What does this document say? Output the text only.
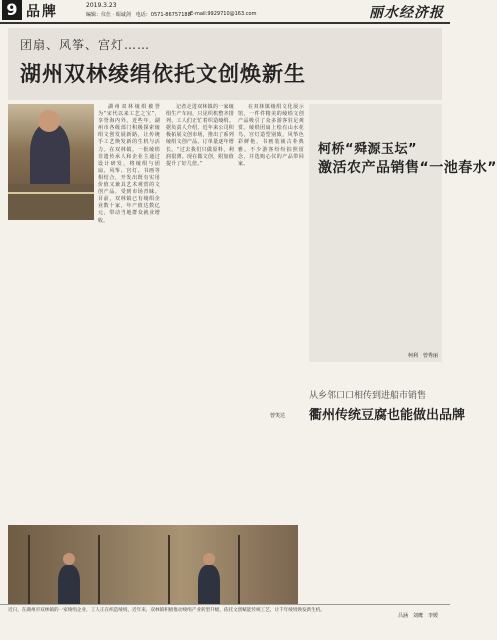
9 品牌	2019.3.23
编辑：仪仕 · 昭诚剑　电话：0571-86757188 E-mail:9929710@163.com	丽水经济报
团扇、风筝、宫灯……
湖州双林绫绢依托文创焕新生

湖州双林绫绢被誉为“宋代以来工艺之宝”，享誉海内外。近些年，湖州市各级部门积极探索绫绢文创发展新路，让传统手工艺焕发新的生机与活力。在双林镇，一批绫绢非遗传承人和企业主通过设计研发，将绫绢与团扇、风筝、宫灯、书画等相结合，开发出既有实用价值又兼具艺术观赏的文创产品，受到市场青睐。目前，双林镇已有绫绢企业数十家，年产值达数亿元，带动当地群众就业增收。

记者走进双林镇的一家绫绢生产车间，只见织机整齐排列，工人们正忙着织造绫绢。据负责人介绍，近年来公司积极拓展文创市场，推出了系列绫绢文创产品，订单量逐年增长。“过去我们只做原料，利润很薄。现在做文创，附加值提升了好几倍。”

在双林镇绫绢文化展示馆，一件件精美的绫绢文创产品吸引了众多游客驻足观赏。绫绢团扇上绘有山水花鸟，宫灯造型别致，风筝色彩鲜艳，书画装裱古朴典雅。不少游客纷纷拍照留念，并选购心仪的产品带回家。

曾笑达
柯桥“舜源玉坛”
激活农产品销售“一池春水”
柯利　曾秀丽
从乡邻口口相传到进船市销售
衢州传统豆腐也能做出品牌
吕涵　刘鹰　李媛
近日，在湖州市双林镇的一家绫绢企业，工人正在织造绫绢。近年来，双林镇积极推动绫绢产业转型升级，依托文创赋能传统工艺，让千年绫绢焕发新生机。
